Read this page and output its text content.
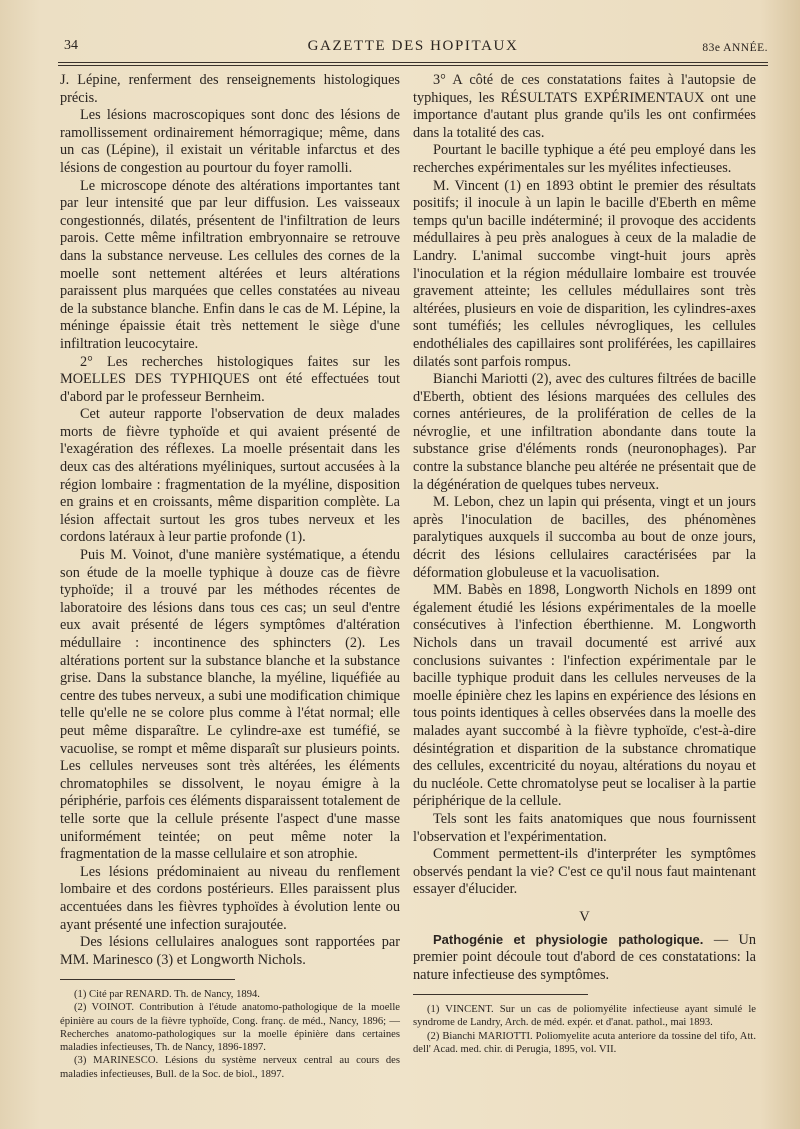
34	GAZETTE DES HOPITAUX	83e ANNÉE.

J. Lépine, renferment des renseignements histologiques précis.

Les lésions macroscopiques sont donc des lésions de ramollissement ordinairement hémorragique; même, dans un cas (Lépine), il existait un véritable infarctus et des lésions de congestion au pourtour du foyer ramolli.

Le microscope dénote des altérations importantes tant par leur intensité que par leur diffusion. Les vaisseaux congestionnés, dilatés, présentent de l'infiltration de leurs parois. Cette même infiltration embryonnaire se retrouve dans la substance nerveuse. Les cellules des cornes de la moelle sont nettement altérées et leurs altérations paraissent plus marquées que celles constatées au niveau de la substance blanche. Enfin dans le cas de M. Lépine, la méninge épaissie était très nettement le siège d'une infiltration leucocytaire.

2° Les recherches histologiques faites sur les MOELLES DES TYPHIQUES ont été effectuées tout d'abord par le professeur Bernheim.

Cet auteur rapporte l'observation de deux malades morts de fièvre typhoïde et qui avaient présenté de l'exagération des réflexes. La moelle présentait dans les deux cas des altérations myéliniques, surtout accusées à la région lombaire : fragmentation de la myéline, disposition en grains et en croissants, même disparition complète. La lésion affectait surtout les gros tubes nerveux et les cordons latéraux à leur partie profonde (1).

Puis M. Voinot, d'une manière systématique, a étendu son étude de la moelle typhique à douze cas de fièvre typhoïde; il a trouvé par les méthodes récentes de laboratoire des lésions dans tous ces cas; un seul d'entre eux avait présenté de légers symptômes d'altération médullaire : incontinence des sphincters (2). Les altérations portent sur la substance blanche et la substance grise. Dans la substance blanche, la myéline, liquéfiée au centre des tubes nerveux, a subi une modification chimique telle qu'elle ne se colore plus comme à l'état normal; elle peut même disparaître. Le cylindre-axe est tuméfié, se vacuolise, se rompt et même disparaît sur plusieurs points. Les cellules nerveuses sont très altérées, les éléments chromatophiles se dissolvent, le noyau émigre à la périphérie, parfois ces éléments disparaissent totalement de telle sorte que la cellule présente l'aspect d'une masse uniformément teintée; on peut même noter la fragmentation de la masse cellulaire et son atrophie.

Les lésions prédominaient au niveau du renflement lombaire et des cordons postérieurs. Elles paraissent plus accentuées dans les fièvres typhoïdes à évolution lente ou ayant présenté une infection surajoutée.

Des lésions cellulaires analogues sont rapportées par MM. Marinesco (3) et Longworth Nichols.

(1) Cité par RENARD. Th. de Nancy, 1894.

(2) VOINOT. Contribution à l'étude anatomo-pathologique de la moelle épinière au cours de la fièvre typhoïde, Cong. franç. de méd., Nancy, 1896; — Recherches anatomo-pathologiques sur la moelle épinière dans certaines maladies infectieuses, Th. de Nancy, 1896-1897.

(3) MARINESCO. Lésions du système nerveux central au cours des maladies infectieuses, Bull. de la Soc. de biol., 1897.

3° A côté de ces constatations faites à l'autopsie de typhiques, les RÉSULTATS EXPÉRIMENTAUX ont une importance d'autant plus grande qu'ils les ont confirmées dans la totalité des cas.

Pourtant le bacille typhique a été peu employé dans les recherches expérimentales sur les myélites infectieuses.

M. Vincent (1) en 1893 obtint le premier des résultats positifs; il inocule à un lapin le bacille d'Eberth en même temps qu'un bacille indéterminé; il provoque des accidents médullaires à peu près analogues à ceux de la maladie de Landry. L'animal succombe vingt-huit jours après l'inoculation et la région médullaire lombaire est trouvée gravement atteinte; les cellules médullaires sont très altérées, plusieurs en voie de disparition, les cylindres-axes sont tuméfiés; les cellules névrogliques, les cellules endothéliales des capillaires sont proliférées, les capillaires dilatés sont parfois rompus.

Bianchi Mariotti (2), avec des cultures filtrées de bacille d'Eberth, obtient des lésions marquées des cellules des cornes antérieures, de la prolifération de celles de la névroglie, et une infiltration abondante dans toute la substance grise d'éléments ronds (neuronophages). Par contre la substance blanche peu altérée ne présentait que de la dégénération de quelques tubes nerveux.

M. Lebon, chez un lapin qui présenta, vingt et un jours après l'inoculation de bacilles, des phénomènes paralytiques auxquels il succomba au bout de onze jours, décrit des lésions cellulaires caractérisées par la déformation globuleuse et la vacuolisation.

MM. Babès en 1898, Longworth Nichols en 1899 ont également étudié les lésions expérimentales de la moelle consécutives à l'infection éberthienne. M. Longworth Nichols dans un travail documenté est arrivé aux conclusions suivantes : l'infection expérimentale par le bacille typhique produit dans les cellules nerveuses de la moelle épinière chez les lapins en expérience des lésions en tous points identiques à celles observées dans la moelle des malades ayant succombé à la fièvre typhoïde, c'est-à-dire désintégration et disparition de la substance chromatique des cellules, excentricité du noyau, altérations du noyau et du nucléole. Cette chromatolyse peut se localiser à la partie périphérique de la cellule.

Tels sont les faits anatomiques que nous fournissent l'observation et l'expérimentation.

Comment permettent-ils d'interpréter les symptômes observés pendant la vie? C'est ce qu'il nous faut maintenant essayer d'élucider.

V

Pathogénie et physiologie pathologique. — Un premier point découle tout d'abord de ces constatations: la nature infectieuse des symptômes.

(1) VINCENT. Sur un cas de poliomyélite infectieuse ayant simulé le syndrome de Landry, Arch. de méd. expér. et d'anat. pathol., mai 1893.

(2) Bianchi MARIOTTI. Poliomyelite acuta anteriore da tossine del tifo, Att. dell' Acad. med. chir. di Perugia, 1895, vol. VII.
